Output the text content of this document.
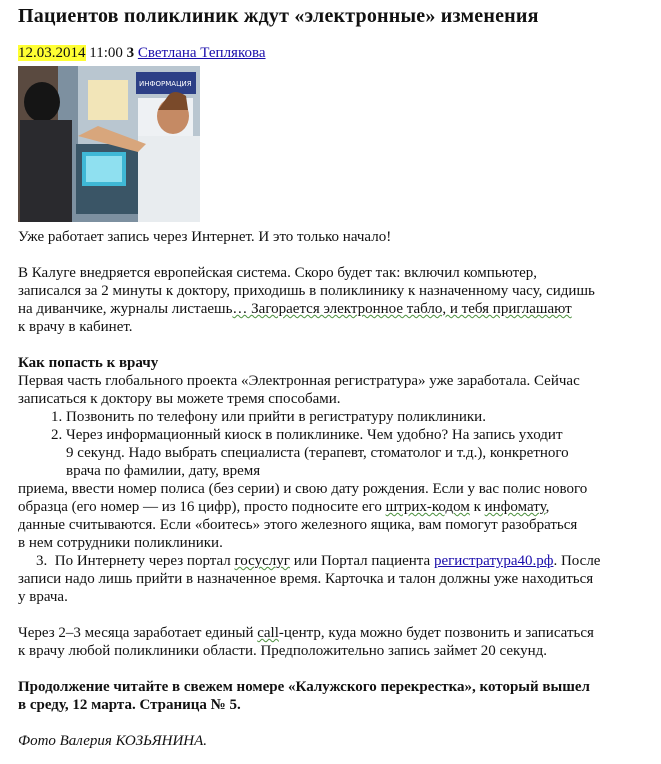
Пациентов поликлиник ждут «электронные» изменения
12.03.2014 11:00 3 Светлана Теплякова
ИНФОРМАЦИЯ

Уже работает запись через Интернет. И это только начало!

В Калуге внедряется европейская система. Скоро будет так: включил компьютер,
записался за 2 минуты к доктору, приходишь в поликлинику к назначенному часу, сидишь
на диванчике, журналы листаешь… Загорается электронное табло, и тебя приглашают
к врачу в кабинет.

Как попасть к врачу

Первая часть глобального проекта «Электронная регистратура» уже заработала. Сейчас
записаться к доктору вы можете тремя способами.

1. Позвонить по телефону или прийти в регистратуру поликлиники.
2. Через информационный киоск в поликлинике. Чем удобно? На запись уходит
9 секунд. Надо выбрать специалиста (терапевт, стоматолог и т.д.), конкретного
врача по фамилии, дату, время

приема, ввести номер полиса (без серии) и свою дату рождения. Если у вас полис нового
образца (его номер — из 16 цифр), просто подносите его штрих-кодом к инфомату,
данные считываются. Если «боитесь» этого железного ящика, вам помогут разобраться
в нем сотрудники поликлиники.

3. По Интернету через портал госуслуг или Портал пациента регистратура40.рф. После

записи надо лишь прийти в назначенное время. Карточка и талон должны уже находиться
у врача.

Через 2–3 месяца заработает единый call-центр, куда можно будет позвонить и записаться
к врачу любой поликлиники области. Предположительно запись займет 20 секунд.

Продолжение читайте в свежем номере «Калужского перекрестка», который вышел
в среду, 12 марта. Страница № 5.

Фото Валерия КОЗЬЯНИНА.
